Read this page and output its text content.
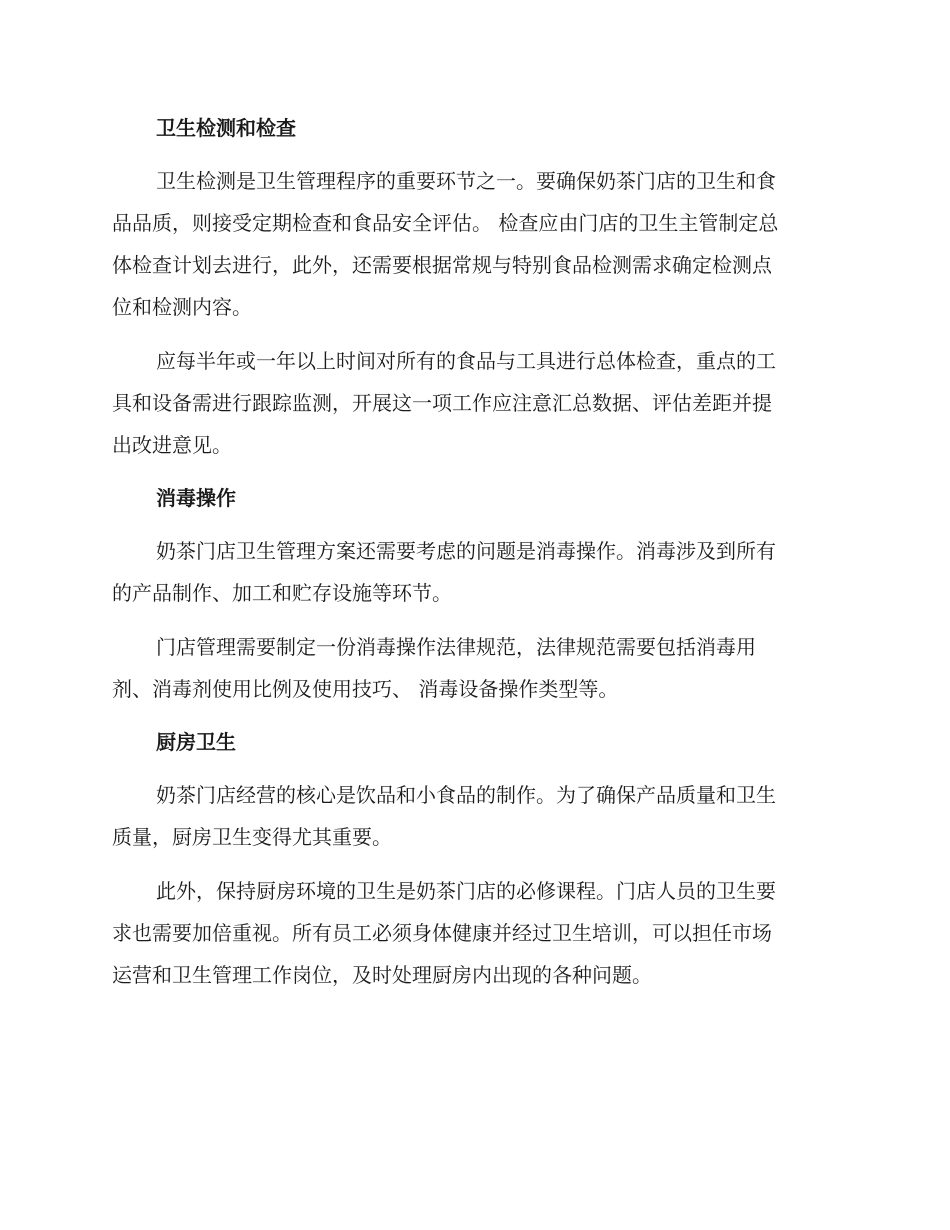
卫生检测和检查
卫生检测是卫生管理程序的重要环节之一。要确保奶茶门店的卫生和食
品品质，则接受定期检查和食品安全评估。 检查应由门店的卫生主管制定总
体检查计划去进行，此外，还需要根据常规与特别食品检测需求确定检测点
位和检测内容。
应每半年或一年以上时间对所有的食品与工具进行总体检查，重点的工
具和设备需进行跟踪监测，开展这一项工作应注意汇总数据、评估差距并提
出改进意见。
消毒操作
奶茶门店卫生管理方案还需要考虑的问题是消毒操作。消毒涉及到所有
的产品制作、加工和贮存设施等环节。
门店管理需要制定一份消毒操作法律规范，法律规范需要包括消毒用
剂、消毒剂使用比例及使用技巧、 消毒设备操作类型等。
厨房卫生
奶茶门店经营的核心是饮品和小食品的制作。为了确保产品质量和卫生
质量，厨房卫生变得尤其重要。
此外，保持厨房环境的卫生是奶茶门店的必修课程。门店人员的卫生要
求也需要加倍重视。所有员工必须身体健康并经过卫生培训，可以担任市场
运营和卫生管理工作岗位，及时处理厨房内出现的各种问题。
